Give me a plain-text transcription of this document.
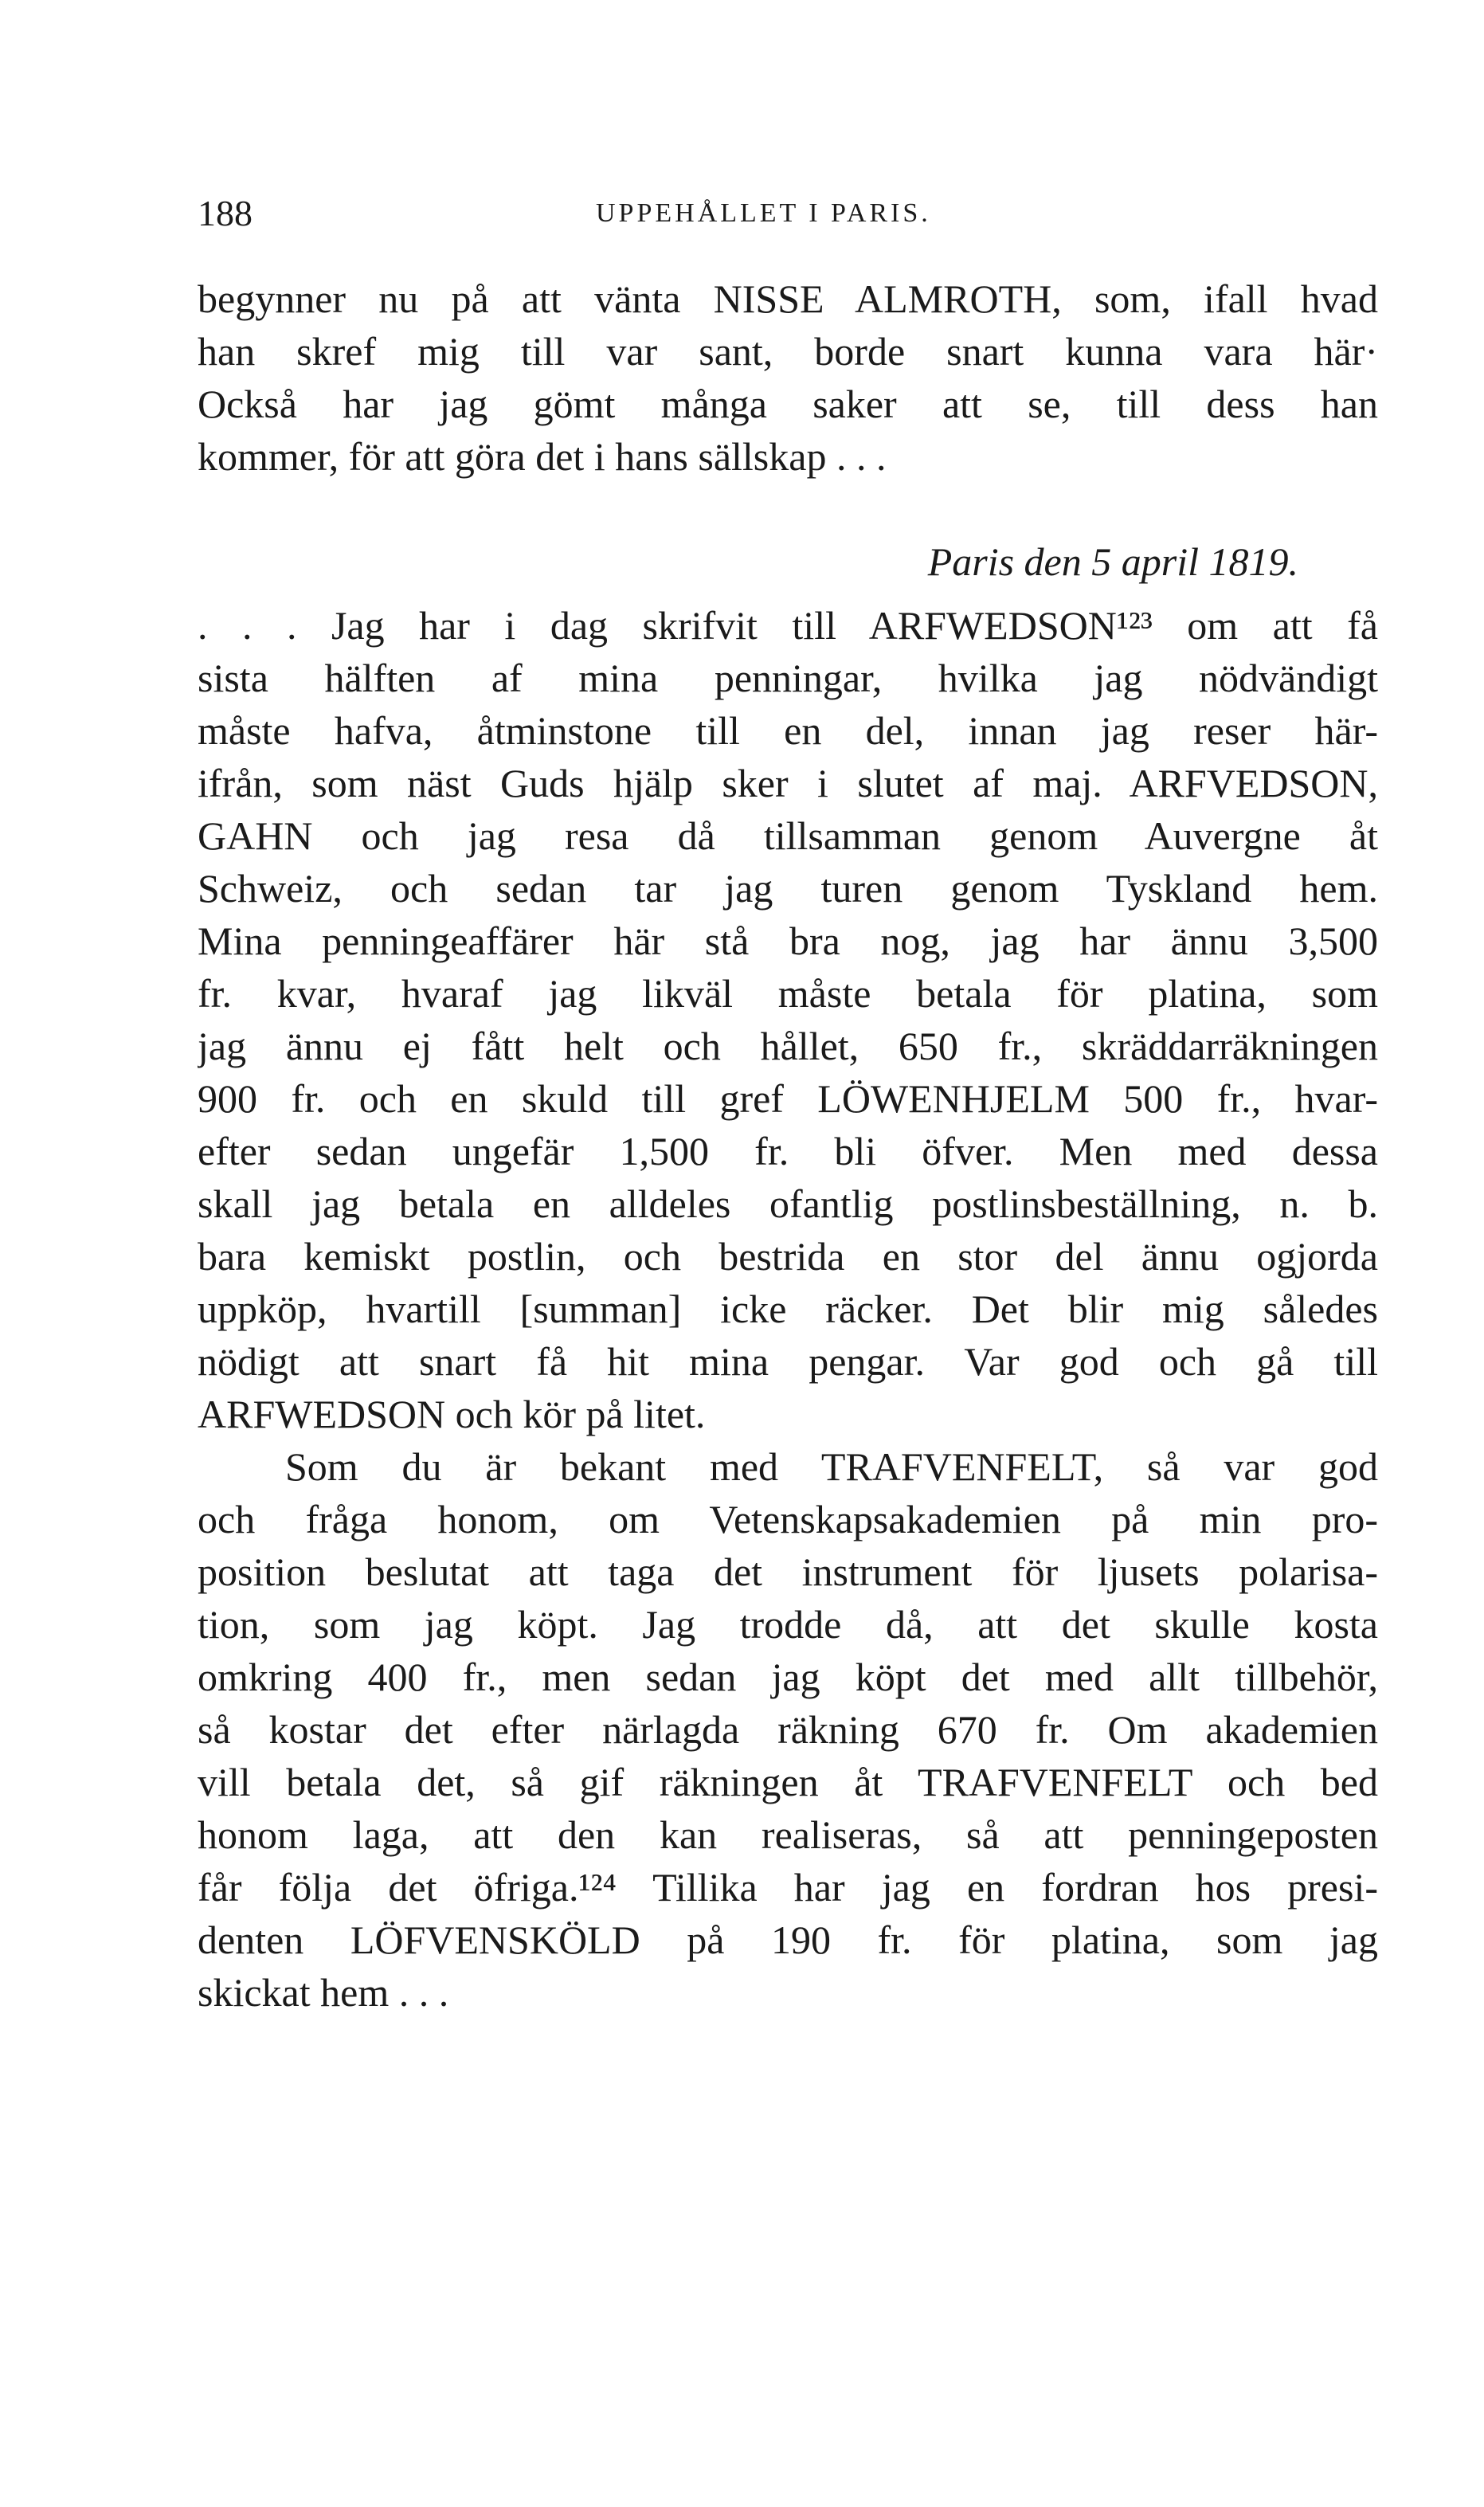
188	UPPEHÅLLET I PARIS.
begynner nu på att vänta NISSE ALMROTH, som, ifall hvad
han skref mig till var sant, borde snart kunna vara här·
Också har jag gömt många saker att se, till dess han
kommer, för att göra det i hans sällskap . . .
Paris den 5 april 1819.
. . . Jag har i dag skrifvit till ARFWEDSON¹²³ om att få
sista hälften af mina penningar, hvilka jag nödvändigt
måste hafva, åtminstone till en del, innan jag reser här-
ifrån, som näst Guds hjälp sker i slutet af maj. ARFVEDSON,
GAHN och jag resa då tillsamman genom Auvergne åt
Schweiz, och sedan tar jag turen genom Tyskland hem.
Mina penningeaffärer här stå bra nog, jag har ännu 3,500
fr. kvar, hvaraf jag likväl måste betala för platina, som
jag ännu ej fått helt och hållet, 650 fr., skräddarräkningen
900 fr. och en skuld till gref LÖWENHJELM 500 fr., hvar-
efter sedan ungefär 1,500 fr. bli öfver. Men med dessa
skall jag betala en alldeles ofantlig postlinsbeställning, n. b.
bara kemiskt postlin, och bestrida en stor del ännu ogjorda
uppköp, hvartill [summan] icke räcker. Det blir mig således
nödigt att snart få hit mina pengar. Var god och gå till
ARFWEDSON och kör på litet.
Som du är bekant med TRAFVENFELT, så var god
och fråga honom, om Vetenskapsakademien på min pro-
position beslutat att taga det instrument för ljusets polarisa-
tion, som jag köpt. Jag trodde då, att det skulle kosta
omkring 400 fr., men sedan jag köpt det med allt tillbehör,
så kostar det efter närlagda räkning 670 fr. Om akademien
vill betala det, så gif räkningen åt TRAFVENFELT och bed
honom laga, att den kan realiseras, så att penningeposten
får följa det öfriga.¹²⁴ Tillika har jag en fordran hos presi-
denten LÖFVENSKÖLD på 190 fr. för platina, som jag
skickat hem . . .
